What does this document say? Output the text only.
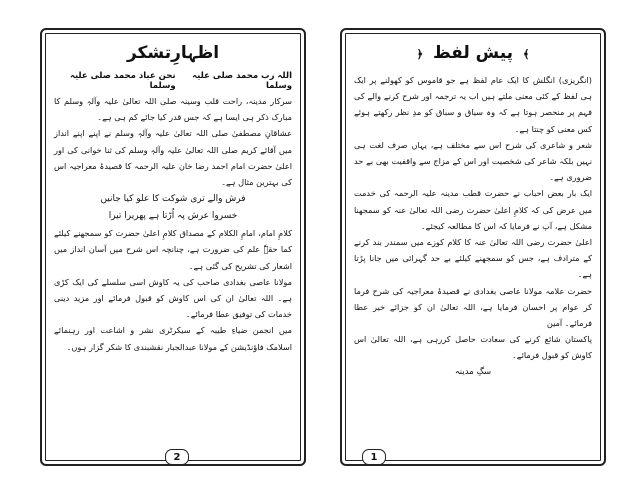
اظہارِتشکر
اللہ رب محمد صلی علیہ وسلما
نحن عباد محمد صلی علیہ وسلما

سرکار مدینہ، راحت قلب وسینہ صلی اللہ تعالیٰ علیہ وآلہٖ وسلم کا مبارک ذکر ہی ایسا ہے کہ جس قدر کیا جائے کم ہی ہے۔

عشاقانِ مصطفیٰ صلی اللہ تعالیٰ علیہ وآلہٖ وسلم نے اپنے اپنے انداز میں آقائے کریم صلی اللہ تعالیٰ علیہ وآلہٖ وسلم کی ثنا خوانی کی اور اعلیٰ حضرت امام احمد رضا خان علیہ الرحمہ کا قصیدۂ معراجیہ اس کی بہترین مثال ہے۔

فرش والے تری شوکت کا علو کیا جانیں
خسروا عرش پہ اُڑتا ہے پھریرا تیرا

کلامِ امام، امامِ الکلام کے مصداق کلامِ اعلیٰ حضرت کو سمجھنے کیلئے کما حقہٗ علم کی ضرورت ہے، چنانچہ اس شرح میں آسان انداز میں اشعار کی تشریح کی گئی ہے۔

مولانا عاصی بغدادی صاحب کی یہ کاوش اسی سلسلے کی ایک کڑی ہے۔ اللہ تعالیٰ ان کی اس کاوش کو قبول فرمائے اور مزید دینی خدمات کی توفیق عطا فرمائے۔

میں انجمن ضیاءِ طیبہ کے سیکرٹری نشر و اشاعت اور رہنمائے اسلامک فاؤنڈیشن کے مولانا عبدالجبار نقشبندی کا شکر گزار ہوں۔

2
﴾ پیش لفظ ﴿

(انگریزی) انگلش کا ایک عام لفظ ہے جو قاموس کو کھولنے پر ایک ہی لفظ کے کئی معنی ملتے ہیں اب یہ ترجمہ اور شرح کرنے والے کی فہم پر منحصر ہوتا ہے کہ وہ سیاق و سباق کو مدِ نظر رکھتے ہوئے کس معنی کو چنتا ہے۔

شعر و شاعری کی شرح اس سے مختلف ہے، یہاں صرف لغت ہی نہیں بلکہ شاعر کی شخصیت اور اس کے مزاج سے واقفیت بھی بے حد ضروری ہے۔

ایک بار بعض احباب نے حضرت قطب مدینہ علیہ الرحمہ کی خدمت میں عرض کی کہ کلامِ اعلیٰ حضرت رضی اللہ تعالیٰ عنہ کو سمجھنا مشکل ہے، آپ نے فرمایا کہ اس کا مطالعہ کیجئے۔

اعلیٰ حضرت رضی اللہ تعالیٰ عنہ کا کلام کوزے میں سمندر بند کرنے کے مترادف ہے، جس کو سمجھنے کیلئے بے حد گہرائی میں جانا پڑتا ہے۔

حضرت علامہ مولانا عاصی بغدادی نے قصیدۂ معراجیہ کی شرح فرما کر عوام پر احسان فرمایا ہے، اللہ تعالیٰ ان کو جزائے خیر عطا فرمائے۔ آمین

پاکستان شائع کرنے کی سعادت حاصل کررہی ہے، اللہ تعالیٰ اس کاوش کو قبول فرمائے۔

سگِ مدینہ
1
